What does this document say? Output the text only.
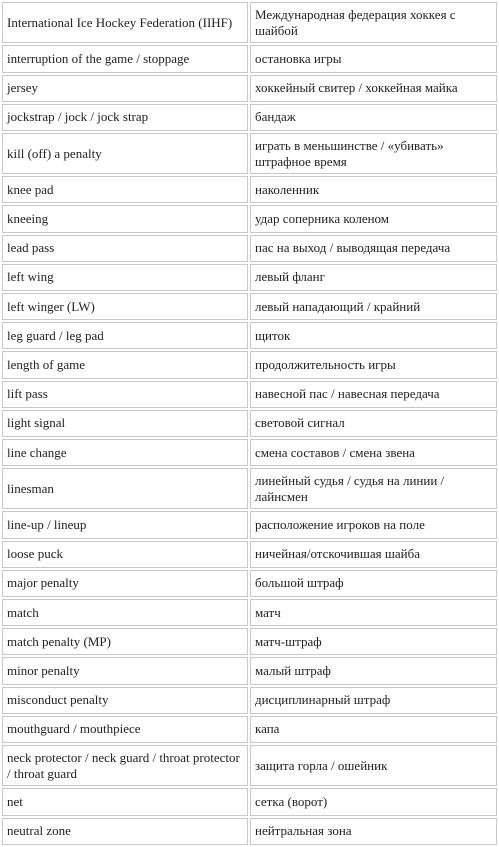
International Ice Hockey Federation (IIHF)	Международная федерация хоккея с шайбой
interruption of the game / stoppage	остановка игры
jersey	хоккейный свитер / хоккейная майка
jockstrap / jock / jock strap	бандаж
kill (off) a penalty	играть в меньшинстве / «убивать» штрафное время
knee pad	наколенник
kneeing	удар соперника коленом
lead pass	пас на выход / выводящая передача
left wing	левый фланг
left winger (LW)	левый нападающий / крайний
leg guard / leg pad	щиток
length of game	продолжительность игры
lift pass	навесной пас / навесная передача
light signal	световой сигнал
line change	смена составов / смена звена
linesman	линейный судья / судья на линии / лайнсмен
line-up / lineup	расположение игроков на поле
loose puck	ничейная/отскочившая шайба
major penalty	большой штраф
match	матч
match penalty (MP)	матч-штраф
minor penalty	малый штраф
misconduct penalty	дисциплинарный штраф
mouthguard / mouthpiece	капа
neck protector / neck guard / throat protector / throat guard	защита горла / ошейник
net	сетка (ворот)
neutral zone	нейтральная зона
